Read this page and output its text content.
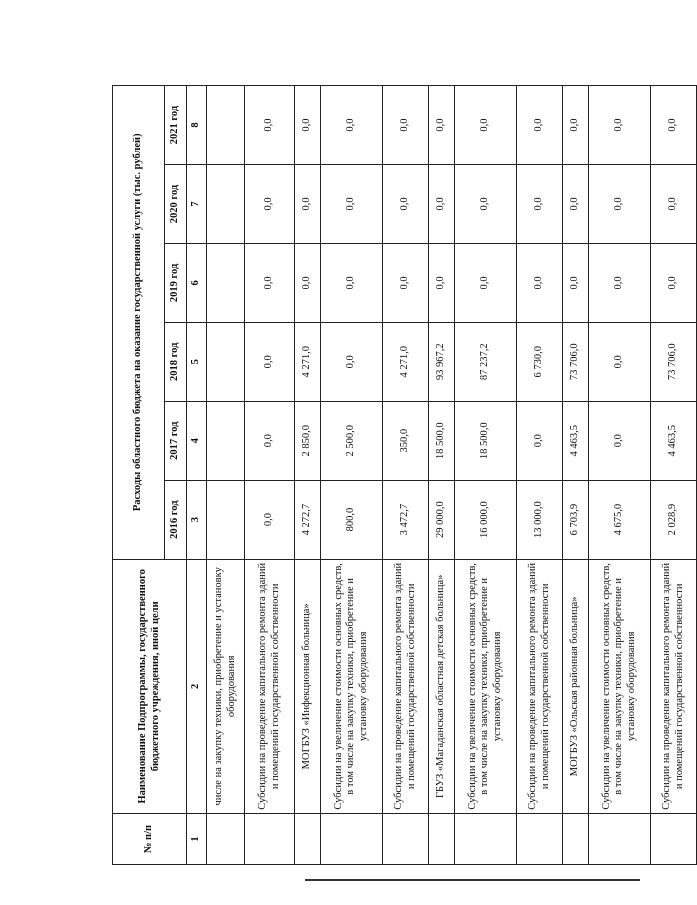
№ п/п	Наименование Подпрограммы, государственного бюджетного учреждения, иной цели	Расходы областного бюджета на оказание государственной услуги (тыс. рублей)					
		2016 год	2017 год	2018 год	2019 год	2020 год	2021 год
1	2	3	4	5	6	7	8
	числе на закупку техники, приобретение и установку оборудования						
	Субсидии на проведение капитального ремонта зданий и помещений государственной собственности	0,0	0,0	0,0	0,0	0,0	0,0
	МОГБУЗ «Инфекционная больница»	4 272,7	2 850,0	4 271,0	0,0	0,0	0,0
	Субсидии на увеличение стоимости основных средств, в том числе на закупку техники, приобретение и установку оборудования	800,0	2 500,0	0,0	0,0	0,0	0,0
	Субсидии на проведение капитального ремонта зданий и помещений государственной собственности	3 472,7	350,0	4 271,0	0,0	0,0	0,0
	ГБУЗ «Магаданская областная детская больница»	29 000,0	18 500,0	93 967,2	0,0	0,0	0,0
	Субсидии на увеличение стоимости основных средств, в том числе на закупку техники, приобретение и установку оборудования	16 000,0	18 500,0	87 237,2	0,0	0,0	0,0
	Субсидии на проведение капитального ремонта зданий и помещений государственной собственности	13 000,0	0,0	6 730,0	0,0	0,0	0,0
	МОГБУЗ «Ольская районная больница»	6 703,9	4 463,5	73 706,0	0,0	0,0	0,0
	Субсидии на увеличение стоимости основных средств, в том числе на закупку техники, приобретение и установку оборудования	4 675,0	0,0	0,0	0,0	0,0	0,0
	Субсидии на проведение капитального ремонта зданий и помещений государственной собственности	2 028,9	4 463,5	73 706,0	0,0	0,0	0,0
